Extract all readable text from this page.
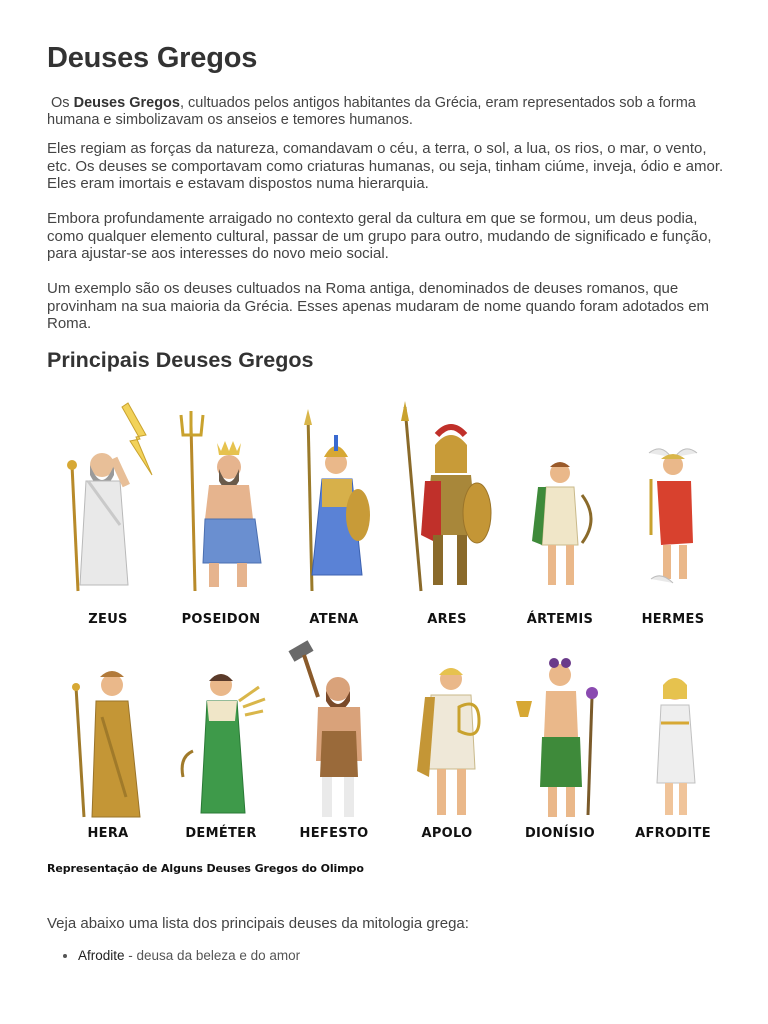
Deuses Gregos
Os Deuses Gregos, cultuados pelos antigos habitantes da Grécia, eram representados sob a forma humana e simbolizavam os anseios e temores humanos.

Eles regiam as forças da natureza, comandavam o céu, a terra, o sol, a lua, os rios, o mar, o vento, etc. Os deuses se comportavam como criaturas humanas, ou seja, tinham ciúme, inveja, ódio e amor. Eles eram imortais e estavam dispostos numa hierarquia.

Embora profundamente arraigado no contexto geral da cultura em que se formou, um deus podia, como qualquer elemento cultural, passar de um grupo para outro, mudando de significado e função, para ajustar-se aos interesses do novo meio social.

Um exemplo são os deuses cultuados na Roma antiga, denominados de deuses romanos, que provinham na sua maioria da Grécia. Esses apenas mudaram de nome quando foram adotados em Roma.

Principais Deuses Gregos
ZEUS	POSEIDON	ATENA	ARES	ÁRTEMIS	HERMES
HERA	DEMÉTER	HEFESTO	APOLO	DIONÍSIO	AFRODITE
Representação de Alguns Deuses Gregos do Olimpo
Veja abaixo uma lista dos principais deuses da mitologia grega:
• Afrodite - deusa da beleza e do amor
